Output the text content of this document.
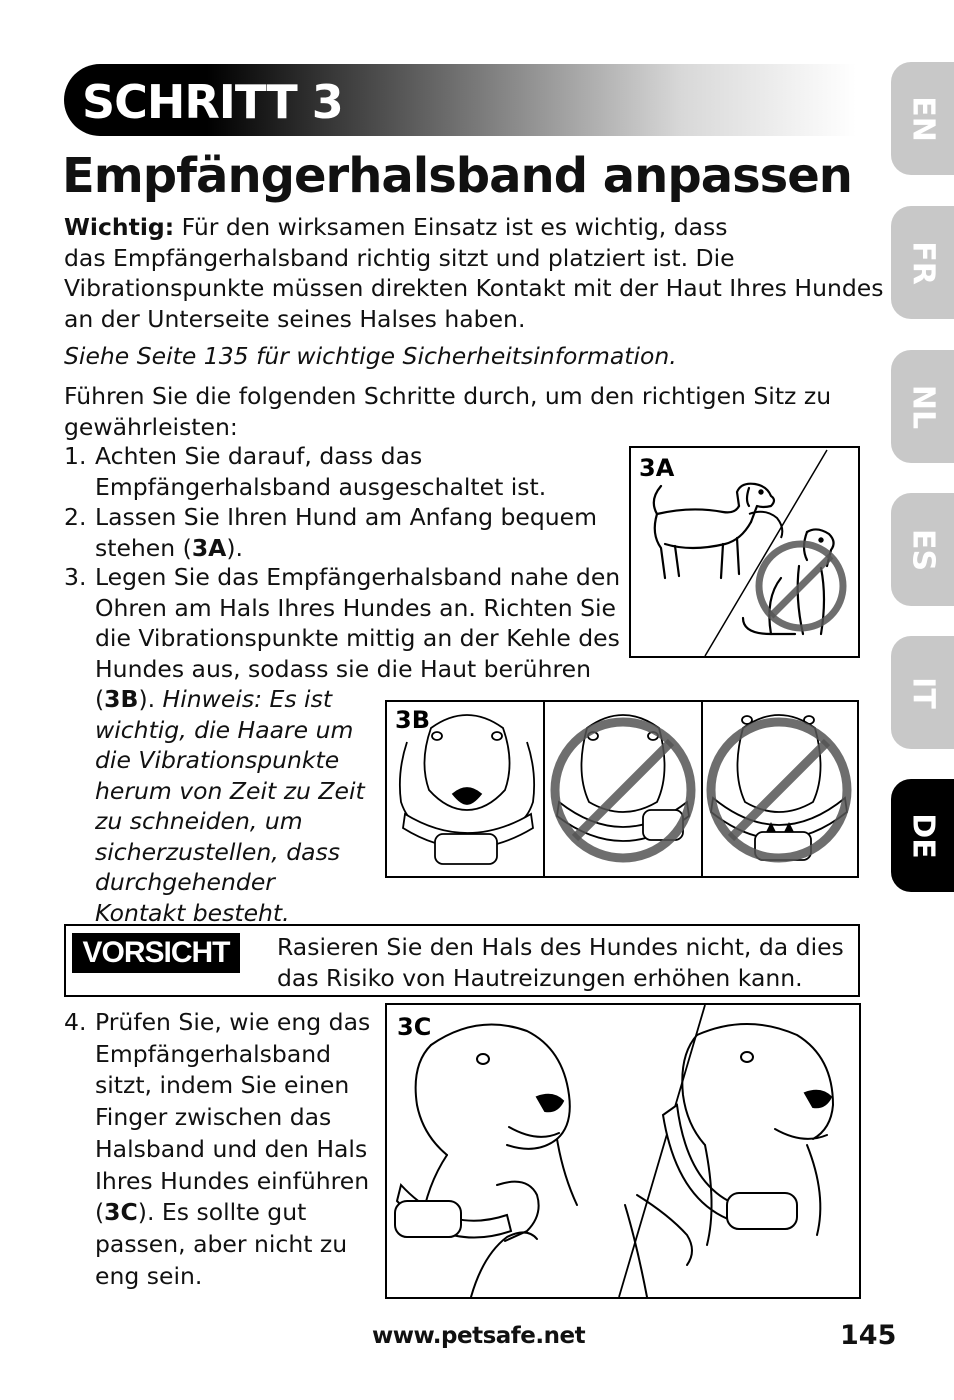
SCHRITT 3
Empfängerhalsband anpassen
Wichtig: Für den wirksamen Einsatz ist es wichtig, dass
das Empfängerhalsband richtig sitzt und platziert ist. Die
Vibrationspunkte müssen direkten Kontakt mit der Haut Ihres Hundes
an der Unterseite seines Halses haben.
Siehe Seite 135 für wichtige Sicherheitsinformation.
Führen Sie die folgenden Schritte durch, um den richtigen Sitz zu
gewährleisten:
1. Achten Sie darauf, dass das
Empfängerhalsband ausgeschaltet ist.
2. Lassen Sie Ihren Hund am Anfang bequem
stehen (3A).
3. Legen Sie das Empfängerhalsband nahe den
Ohren am Hals Ihres Hundes an. Richten Sie
die Vibrationspunkte mittig an der Kehle des
Hundes aus, sodass sie die Haut berühren
(3B). Hinweis: Es ist
wichtig, die Haare um
die Vibrationspunkte
herum von Zeit zu Zeit
zu schneiden, um
sicherzustellen, dass
durchgehender
Kontakt besteht.
3A
3B
VORSICHT	Rasieren Sie den Hals des Hundes nicht, da dies
das Risiko von Hautreizungen erhöhen kann.
4. Prüfen Sie, wie eng das
Empfängerhalsband
sitzt, indem Sie einen
Finger zwischen das
Halsband und den Hals
Ihres Hundes einführen
(3C). Es sollte gut
passen, aber nicht zu
eng sein.
3C
EN
FR
NL
ES
IT
DE
www.petsafe.net	145
